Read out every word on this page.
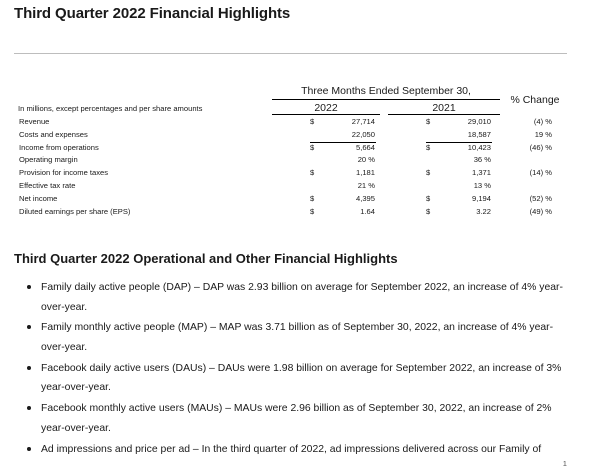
Third Quarter 2022 Financial Highlights
Three Months Ended September 30,
2022	2021
% Change
In millions, except percentages and per share amounts
Revenue	$	27,714	$	29,010	(4) %
Costs and expenses	22,050	18,587	19 %
Income from operations	$	5,664	$	10,423	(46) %
Operating margin	20 %	36 %
Provision for income taxes	$	1,181	$	1,371	(14) %
Effective tax rate	21 %	13 %
Net income	$	4,395	$	9,194	(52) %
Diluted earnings per share (EPS)	$	1.64	$	3.22	(49) %
Third Quarter 2022 Operational and Other Financial Highlights
Family daily active people (DAP) – DAP was 2.93 billion on average for September 2022, an increase of 4% year-over-year.
Family monthly active people (MAP) – MAP was 3.71 billion as of September 30, 2022, an increase of 4% year-over-year.
Facebook daily active users (DAUs) – DAUs were 1.98 billion on average for September 2022, an increase of 3% year-over-year.
Facebook monthly active users (MAUs) – MAUs were 2.96 billion as of September 30, 2022, an increase of 2% year-over-year.
Ad impressions and price per ad – In the third quarter of 2022, ad impressions delivered across our Family of
1
